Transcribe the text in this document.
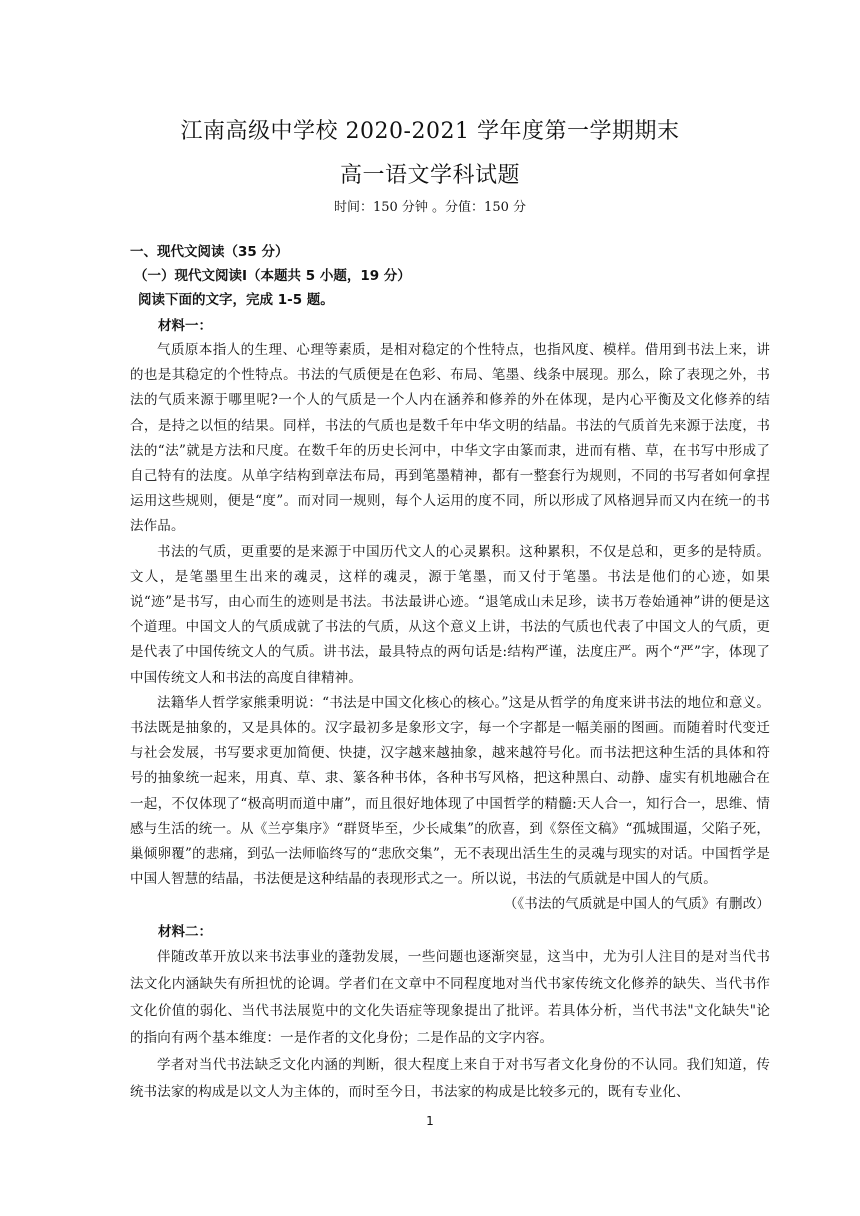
江南高级中学校 2020-2021 学年度第一学期期末
高一语文学科试题
时间：150 分钟 。分值：150 分

一、现代文阅读（35 分）

（一）现代文阅读Ⅰ（本题共 5 小题，19 分）

阅读下面的文字，完成 1-5 题。

材料一：

气质原本指人的生理、心理等素质，是相对稳定的个性特点，也指风度、模样。借用到书法上来，讲的也是其稳定的个性特点。书法的气质便是在色彩、布局、笔墨、线条中展现。那么，除了表现之外，书法的气质来源于哪里呢?一个人的气质是一个人内在涵养和修养的外在体现，是内心平衡及文化修养的结合，是持之以恒的结果。同样，书法的气质也是数千年中华文明的结晶。书法的气质首先来源于法度，书法的“法”就是方法和尺度。在数千年的历史长河中，中华文字由篆而隶，进而有楷、草，在书写中形成了自己特有的法度。从单字结构到章法布局，再到笔墨精神，都有一整套行为规则，不同的书写者如何拿捏运用这些规则，便是“度”。而对同一规则，每个人运用的度不同，所以形成了风格迥异而又内在统一的书法作品。

书法的气质，更重要的是来源于中国历代文人的心灵累积。这种累积，不仅是总和，更多的是特质。文人，是笔墨里生出来的魂灵，这样的魂灵，源于笔墨，而又付于笔墨。书法是他们的心迹，如果说“迹”是书写，由心而生的迹则是书法。书法最讲心迹。“退笔成山未足珍，读书万卷始通神”讲的便是这个道理。中国文人的气质成就了书法的气质，从这个意义上讲，书法的气质也代表了中国文人的气质，更是代表了中国传统文人的气质。讲书法，最具特点的两句话是:结构严谨，法度庄严。两个“严”字，体现了中国传统文人和书法的高度自律精神。

法籍华人哲学家熊秉明说：“书法是中国文化核心的核心。”这是从哲学的角度来讲书法的地位和意义。书法既是抽象的，又是具体的。汉字最初多是象形文字，每一个字都是一幅美丽的图画。而随着时代变迁与社会发展，书写要求更加简便、快捷，汉字越来越抽象，越来越符号化。而书法把这种生活的具体和符号的抽象统一起来，用真、草、隶、篆各种书体，各种书写风格，把这种黑白、动静、虚实有机地融合在一起，不仅体现了“极高明而道中庸”，而且很好地体现了中国哲学的精髓:天人合一，知行合一，思维、情感与生活的统一。从《兰亭集序》“群贤毕至，少长咸集”的欣喜，到《祭侄文稿》“孤城围逼，父陷子死，巢倾卵覆”的悲痛，到弘一法师临终写的“悲欣交集”，无不表现出活生生的灵魂与现实的对话。中国哲学是中国人智慧的结晶，书法便是这种结晶的表现形式之一。所以说，书法的气质就是中国人的气质。
（《书法的气质就是中国人的气质》有删改）

材料二：

伴随改革开放以来书法事业的蓬勃发展，一些问题也逐渐突显，这当中，尤为引人注目的是对当代书法文化内涵缺失有所担忧的论调。学者们在文章中不同程度地对当代书家传统文化修养的缺失、当代书作文化价值的弱化、当代书法展览中的文化失语症等现象提出了批评。若具体分析，当代书法"文化缺失"论的指向有两个基本维度：一是作者的文化身份；二是作品的文字内容。

学者对当代书法缺乏文化内涵的判断，很大程度上来自于对书写者文化身份的不认同。我们知道，传统书法家的构成是以文人为主体的，而时至今日，书法家的构成是比较多元的，既有专业化、

1
